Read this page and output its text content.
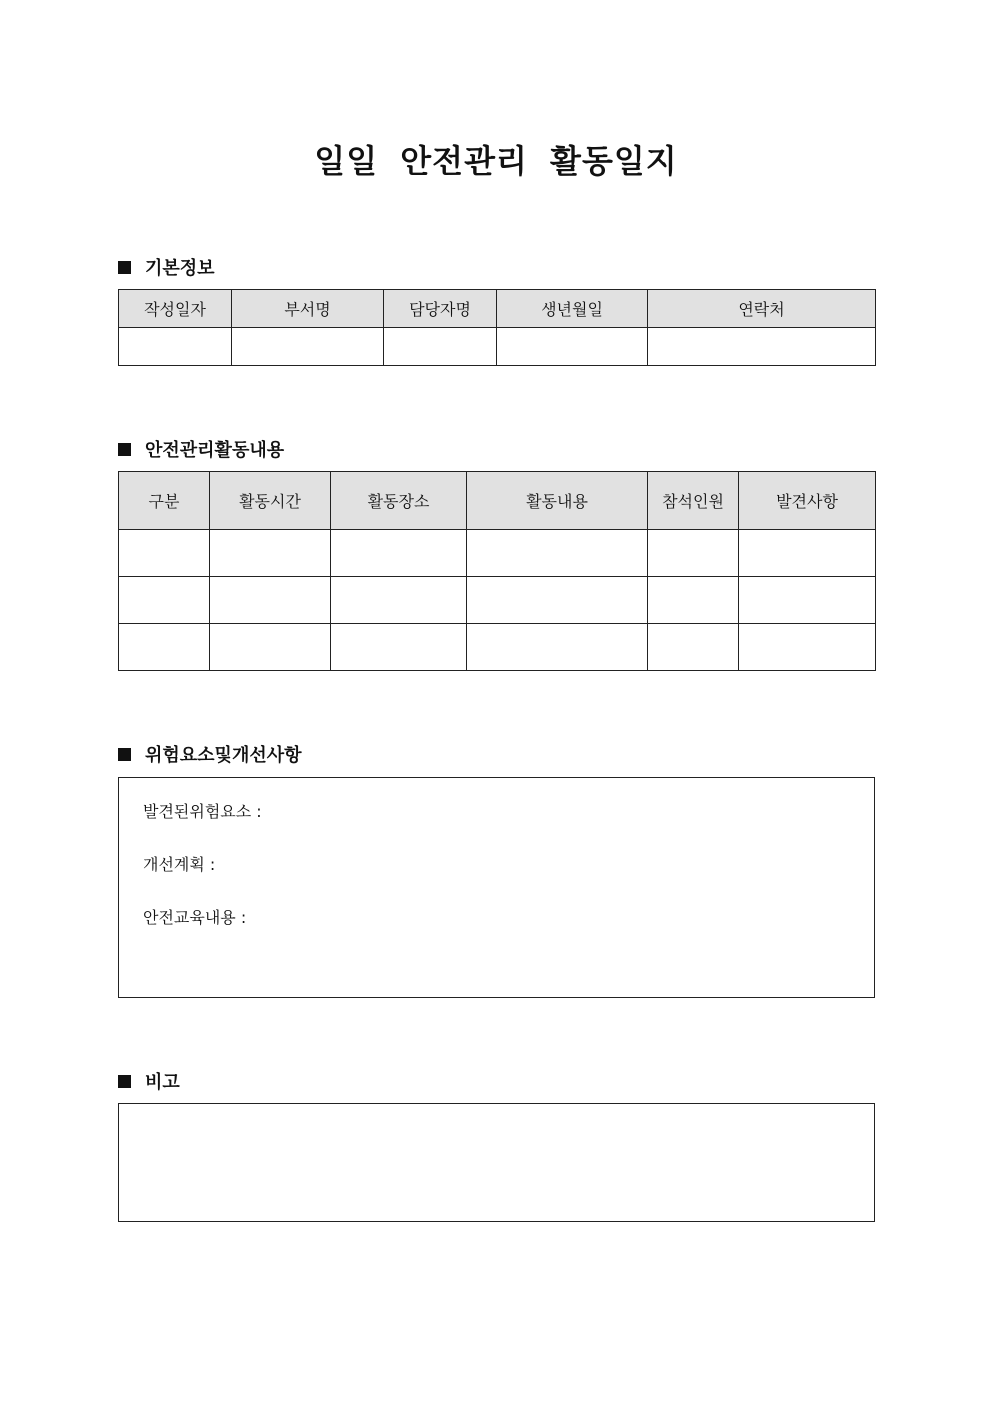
일일 안전관리 활동일지
기본정보
작성일자	부서명	담당자명	생년월일	연락처

안전관리활동내용
구분	활동시간	활동장소	활동내용	참석인원	발견사항

위험요소및개선사항
발견된위험요소 :
개선계획 :
안전교육내용 :
비고
